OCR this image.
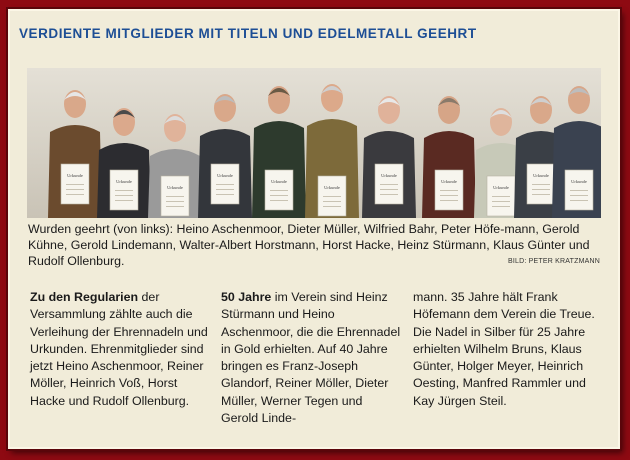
VERDIENTE MITGLIEDER MIT TITELN UND EDELMETALL GEEHRT
Urkunde
Urkunde
Urkunde
Urkunde
Urkunde
Urkunde
Urkunde
Urkunde
Urkunde
Urkunde
Urkunde
Wurden geehrt (von links): Heino Aschenmoor, Dieter Müller, Wilfried Bahr, Peter Höfe-mann, Gerold Kühne, Gerold Lindemann, Walter-Albert Horstmann, Horst Hacke, Heinz Stürmann, Klaus Günter und Rudolf Ollenburg.	BILD: PETER KRATZMANN
Zu den Regularien der Versammlung zählte auch die Verleihung der Ehrennadeln und Urkunden. Ehrenmitglieder sind jetzt Heino Aschenmoor, Reiner Möller, Heinrich Voß, Horst Hacke und Rudolf Ollenburg.
50 Jahre im Verein sind Heinz Stürmann und Heino Aschenmoor, die die Ehrennadel in Gold erhielten. Auf 40 Jahre bringen es Franz-Joseph Glandorf, Reiner Möller, Dieter Müller, Werner Tegen und Gerold Linde-
mann. 35 Jahre hält Frank Höfemann dem Verein die Treue. Die Nadel in Silber für 25 Jahre erhielten Wilhelm Bruns, Klaus Günter, Holger Meyer, Heinrich Oesting, Manfred Rammler und Kay Jürgen Steil.
